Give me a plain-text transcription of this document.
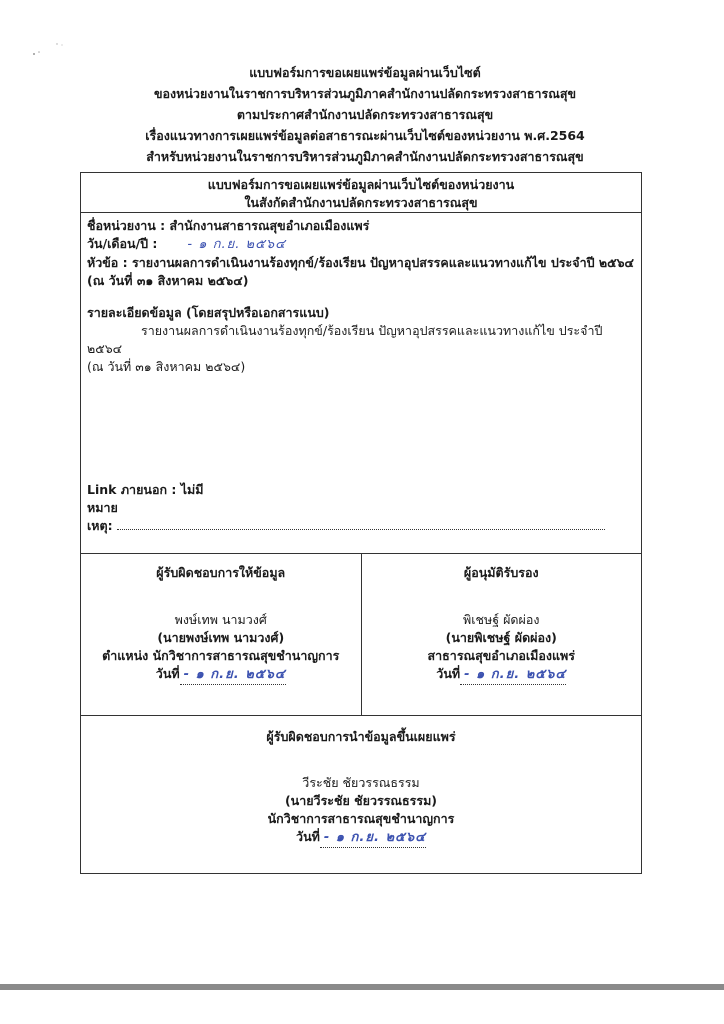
แบบฟอร์มการขอเผยแพร่ข้อมูลผ่านเว็บไซต์
ของหน่วยงานในราชการบริหารส่วนภูมิภาคสำนักงานปลัดกระทรวงสาธารณสุข
ตามประกาศสำนักงานปลัดกระทรวงสาธารณสุข
เรื่องแนวทางการเผยแพร่ข้อมูลต่อสาธารณะผ่านเว็บไซต์ของหน่วยงาน พ.ศ.2564
สำหรับหน่วยงานในราชการบริหารส่วนภูมิภาคสำนักงานปลัดกระทรวงสาธารณสุข
แบบฟอร์มการขอเผยแพร่ข้อมูลผ่านเว็บไซต์ของหน่วยงาน
ในสังกัดสำนักงานปลัดกระทรวงสาธารณสุข
ชื่อหน่วยงาน : สำนักงานสาธารณสุขอำเภอเมืองแพร่
วัน/เดือน/ปี : - ๑ ก.ย. ๒๕๖๔
หัวข้อ : รายงานผลการดำเนินงานร้องทุกข์/ร้องเรียน ปัญหาอุปสรรคและแนวทางแก้ไข ประจำปี ๒๕๖๔
(ณ วันที่ ๓๑ สิงหาคม ๒๕๖๔)
รายละเอียดข้อมูล (โดยสรุปหรือเอกสารแนบ)
รายงานผลการดำเนินงานร้องทุกข์/ร้องเรียน ปัญหาอุปสรรคและแนวทางแก้ไข ประจำปี ๒๕๖๔
(ณ วันที่ ๓๑ สิงหาคม ๒๕๖๔)
Link ภายนอก : ไม่มี
หมาย
เหตุ:
ผู้รับผิดชอบการให้ข้อมูล
พงษ์เทพ นามวงศ์
(นายพงษ์เทพ นามวงศ์)
ตำแหน่ง นักวิชาการสาธารณสุขชำนาญการ
วันที่ - ๑ ก.ย. ๒๕๖๔
ผู้อนุมัติรับรอง
พิเชษฐ์ ผัดผ่อง
(นายพิเชษฐ์ ผัดผ่อง)
สาธารณสุขอำเภอเมืองแพร่
วันที่ - ๑ ก.ย. ๒๕๖๔
ผู้รับผิดชอบการนำข้อมูลขึ้นเผยแพร่
วีระชัย ชัยวรรณธรรม
(นายวีระชัย ชัยวรรณธรรม)
นักวิชาการสาธารณสุขชำนาญการ
วันที่ - ๑ ก.ย. ๒๕๖๔
